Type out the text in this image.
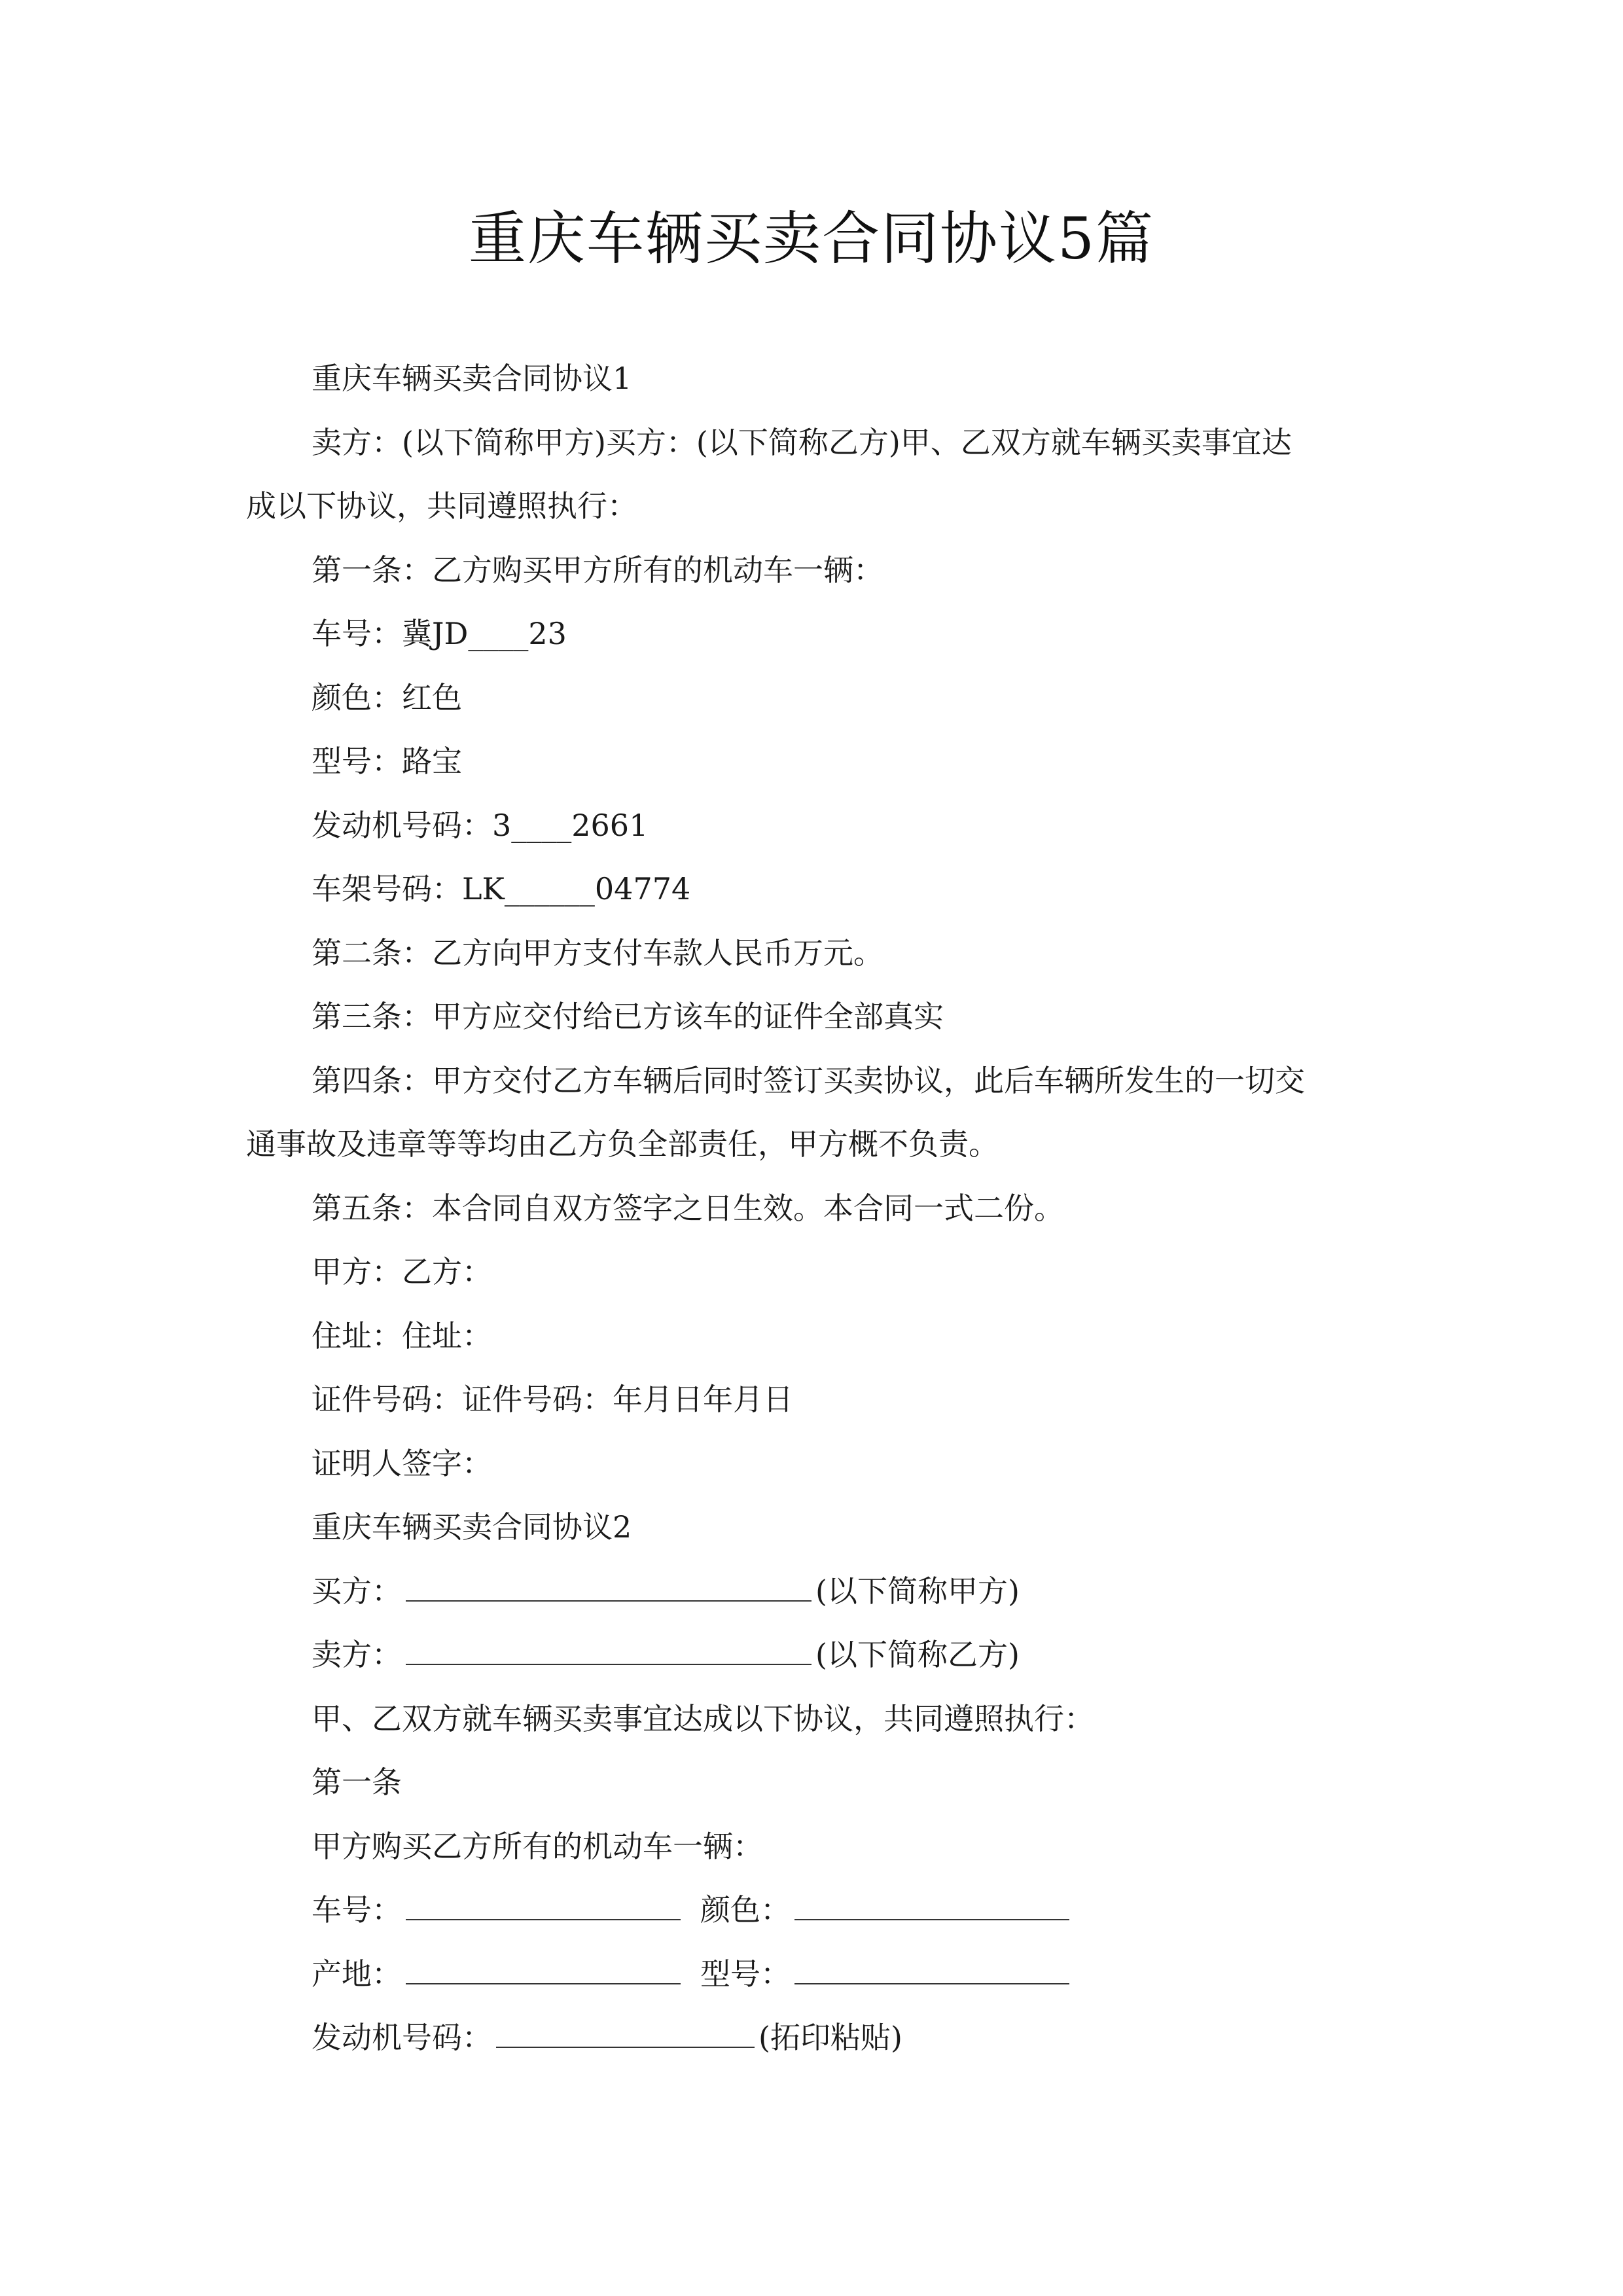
重庆车辆买卖合同协议5篇
重庆车辆买卖合同协议1
卖方：(以下简称甲方)买方：(以下简称乙方)甲、乙双方就车辆买卖事宜达
成以下协议，共同遵照执行：
第一条：乙方购买甲方所有的机动车一辆：
车号：冀JD____23
颜色：红色
型号：路宝
发动机号码：3____2661
车架号码：LK______04774
第二条：乙方向甲方支付车款人民币万元。
第三条：甲方应交付给已方该车的证件全部真实
第四条：甲方交付乙方车辆后同时签订买卖协议，此后车辆所发生的一切交
通事故及违章等等均由乙方负全部责任，甲方概不负责。
第五条：本合同自双方签字之日生效。本合同一式二份。
甲方：乙方：
住址：住址：
证件号码：证件号码：年月日年月日
证明人签字：
重庆车辆买卖合同协议2
买方：	(以下简称甲方)
卖方：	(以下简称乙方)
甲、乙双方就车辆买卖事宜达成以下协议，共同遵照执行：
第一条
甲方购买乙方所有的机动车一辆：
车号：	颜色：
产地：	型号：
发动机号码：	(拓印粘贴)
